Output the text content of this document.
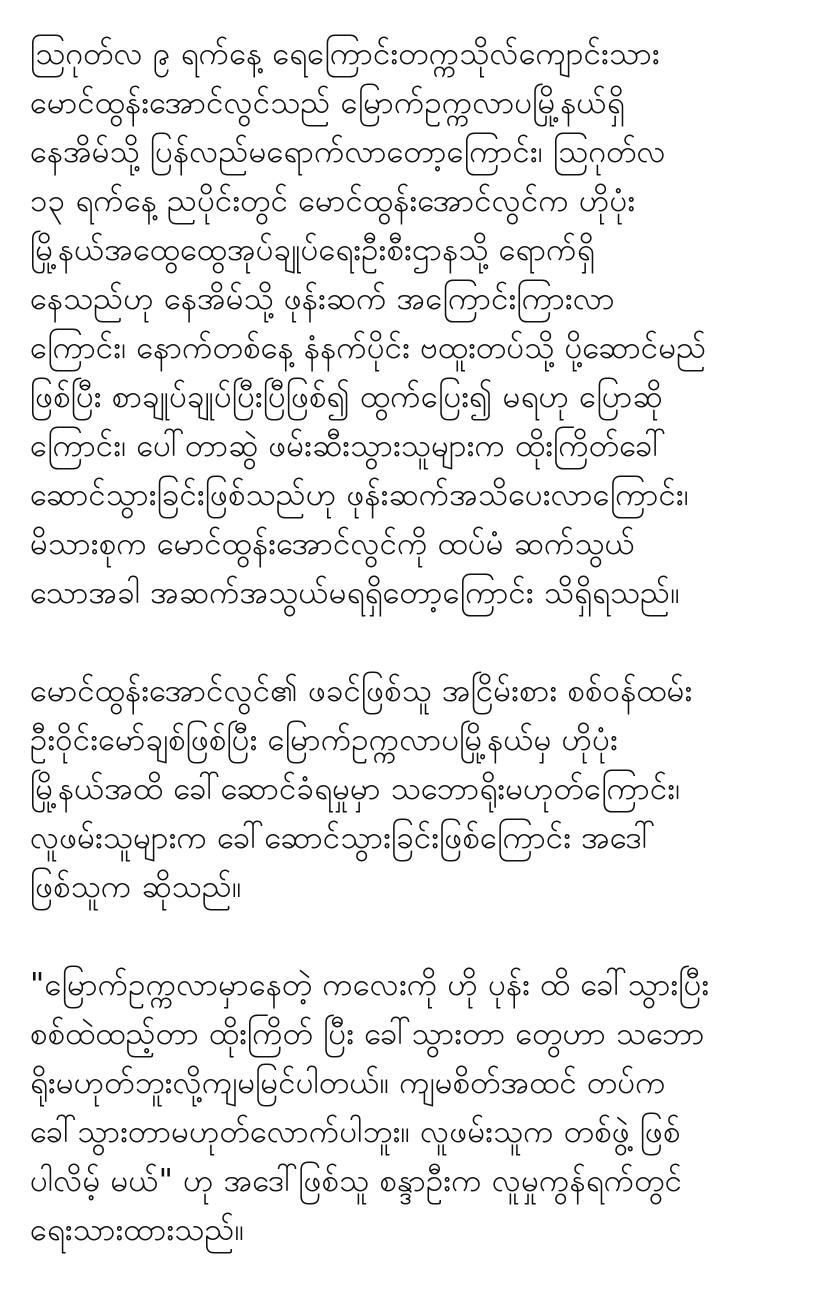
ဩဂုတ်လ ၉ ရက်နေ့ ရေကြောင်းတက္ကသိုလ်ကျောင်းသား
မောင်ထွန်းအောင်လွင်သည် မြောက်ဥက္ကလာပမြို့နယ်ရှိ
နေအိမ်သို့ ပြန်လည်မရောက်လာတော့ကြောင်း၊ ဩဂုတ်လ
၁၃ ရက်နေ့ ညပိုင်းတွင် မောင်ထွန်းအောင်လွင်က ဟိုပုံး
မြို့နယ်အထွေထွေအုပ်ချုပ်ရေးဦးစီးဌာနသို့ ရောက်ရှိ
နေသည်ဟု နေအိမ်သို့ ဖုန်းဆက် အကြောင်းကြားလာ
ကြောင်း၊ နောက်တစ်နေ့ နံနက်ပိုင်း ဗထူးတပ်သို့ ပို့ဆောင်မည်
ဖြစ်ပြီး စာချုပ်ချုပ်ပြီးပြီဖြစ်၍ ထွက်ပြေး၍ မရဟု ပြောဆို
ကြောင်း၊ ပေါ်တာဆွဲ ဖမ်းဆီးသွားသူများက ထိုးကြိတ်ခေါ်
ဆောင်သွားခြင်းဖြစ်သည်ဟု ဖုန်းဆက်အသိပေးလာကြောင်း၊
မိသားစုက မောင်ထွန်းအောင်လွင်ကို ထပ်မံ ဆက်သွယ်
သောအခါ အဆက်အသွယ်မရရှိတော့ကြောင်း သိရှိရသည်။
မောင်ထွန်းအောင်လွင်၏ ဖခင်ဖြစ်သူ အငြိမ်းစား စစ်ဝန်ထမ်း
ဦးဝိုင်းမော်ချစ်ဖြစ်ပြီး မြောက်ဥက္ကလာပမြို့နယ်မှ ဟိုပုံး
မြို့နယ်အထိ ခေါ်ဆောင်ခံရမှုမှာ သဘောရိုးမဟုတ်ကြောင်း၊
လူဖမ်းသူများက ခေါ်ဆောင်သွားခြင်းဖြစ်ကြောင်း အဒေါ်
ဖြစ်သူက ဆိုသည်။
"မြောက်ဥက္ကလာမှာနေတဲ့ ကလေးကို ဟို ပုန်း ထိ ခေါ်သွားပြီး
စစ်ထဲထည့်တာ ထိုးကြိတ် ပြီး ခေါ်သွားတာ တွေဟာ သဘော
ရိုးမဟုတ်ဘူးလို့ကျမမြင်ပါတယ်။ ကျမစိတ်အထင် တပ်က
ခေါ်သွားတာမဟုတ်လောက်ပါဘူး။ လူဖမ်းသူက တစ်ဖွဲ့ ဖြစ်
ပါလိမ့် မယ်" ဟု အဒေါ်ဖြစ်သူ စန္ဒာဦးက လူမှုကွန်ရက်တွင်
ရေးသားထားသည်။
